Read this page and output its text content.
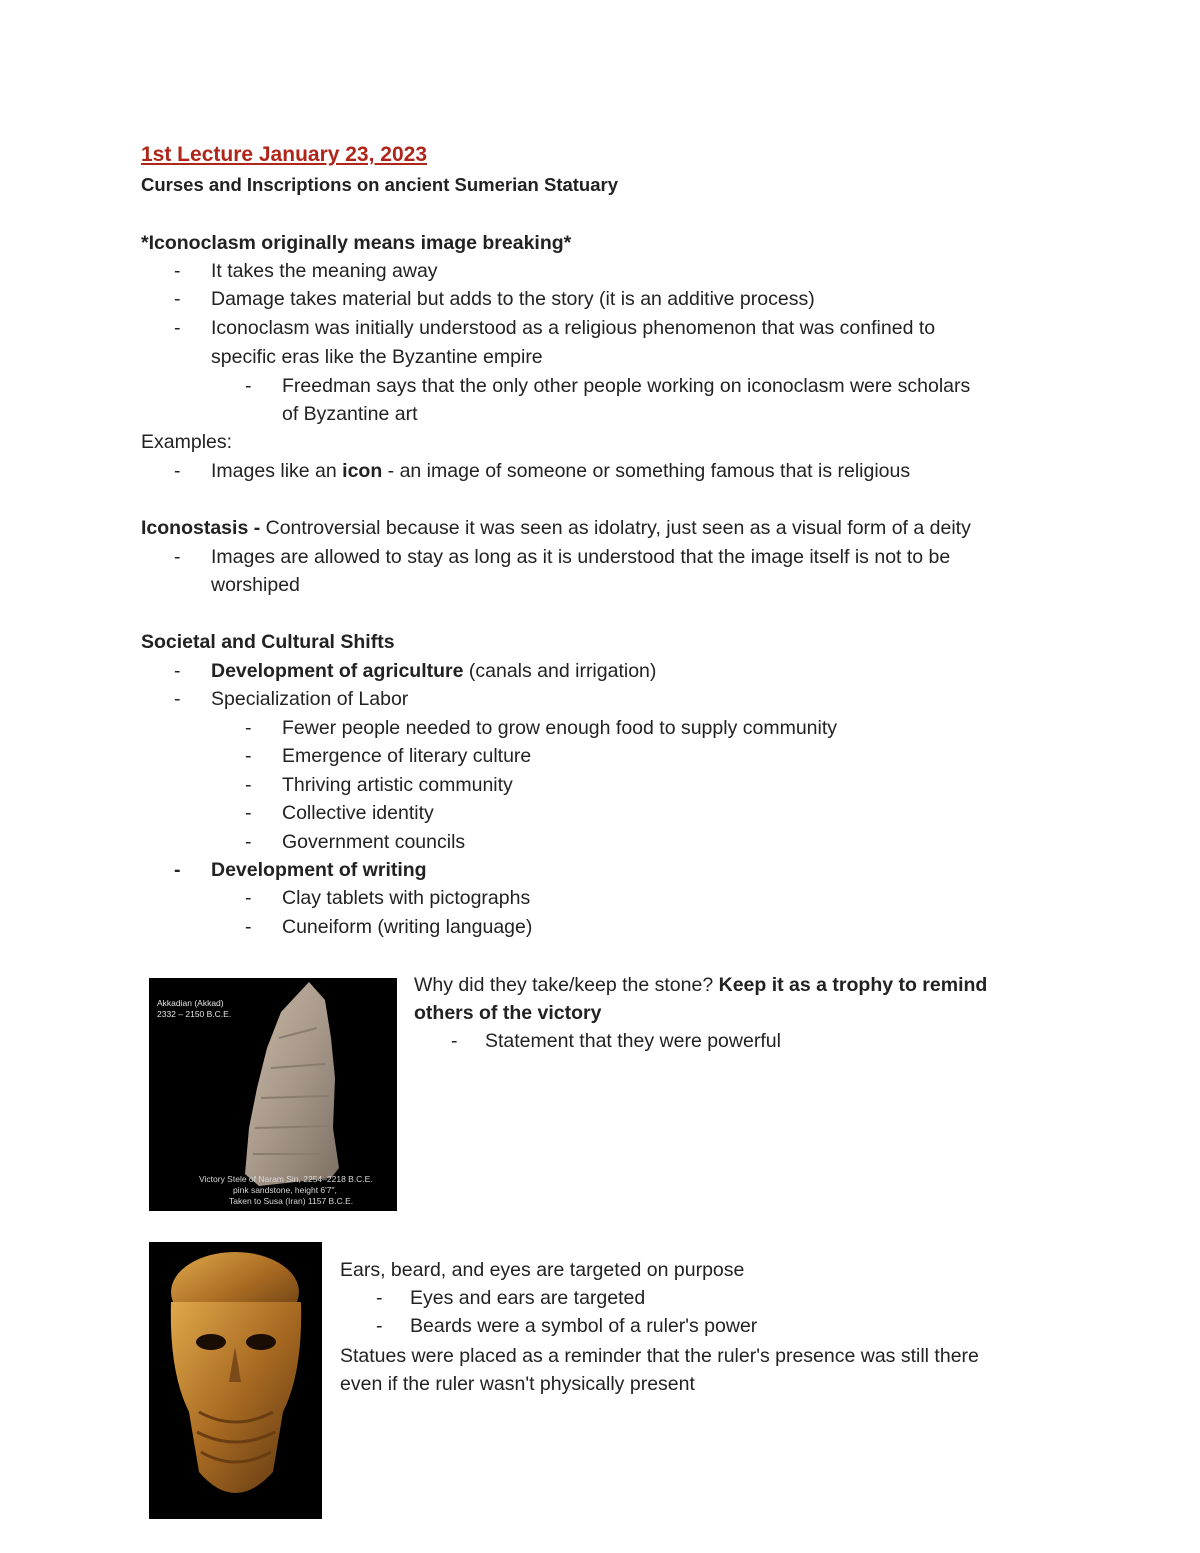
1st Lecture January 23, 2023
Curses and Inscriptions on ancient Sumerian Statuary
*Iconoclasm originally means image breaking*
- It takes the meaning away
- Damage takes material but adds to the story (it is an additive process)
- Iconoclasm was initially understood as a religious phenomenon that was confined to
specific eras like the Byzantine empire
- Freedman says that the only other people working on iconoclasm were scholars
of Byzantine art
Examples:
- Images like an icon - an image of someone or something famous that is religious
Iconostasis - Controversial because it was seen as idolatry, just seen as a visual form of a deity
- Images are allowed to stay as long as it is understood that the image itself is not to be
worshiped
Societal and Cultural Shifts
- Development of agriculture (canals and irrigation)
- Specialization of Labor
- Fewer people needed to grow enough food to supply community
- Emergence of literary culture
- Thriving artistic community
- Collective identity
- Government councils
- Development of writing
- Clay tablets with pictographs
- Cuneiform (writing language)
Akkadian (Akkad)
2332 – 2150 B.C.E.
Victory Stele of Naram Sin, 2254–2218 B.C.E.
pink sandstone, height 6'7",
Taken to Susa (Iran) 1157 B.C.E.
Why did they take/keep the stone? Keep it as a trophy to remind
others of the victory
- Statement that they were powerful
Ears, beard, and eyes are targeted on purpose
- Eyes and ears are targeted
- Beards were a symbol of a ruler's power
Statues were placed as a reminder that the ruler's presence was still there
even if the ruler wasn't physically present
